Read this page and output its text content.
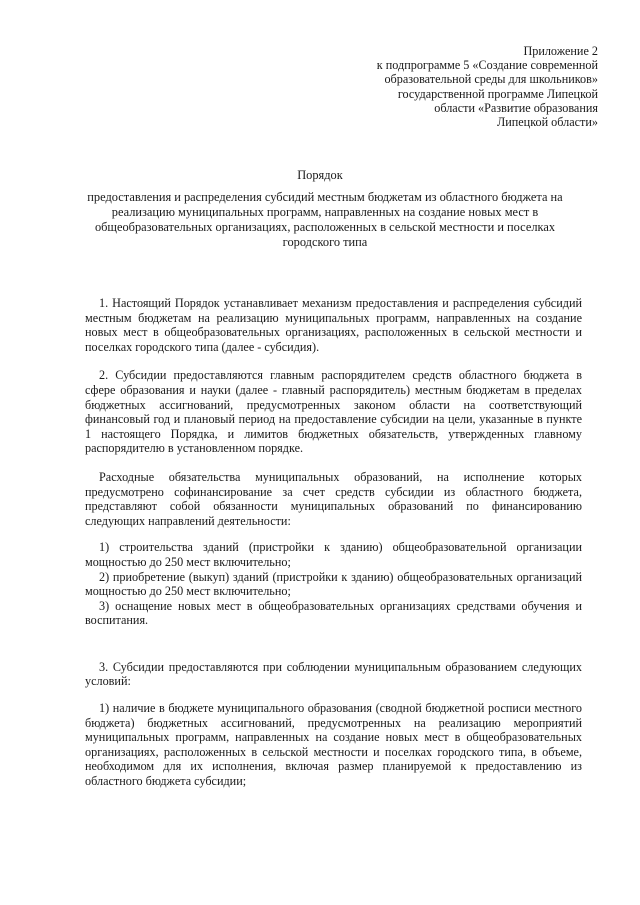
Приложение 2
к подпрограмме 5 «Создание современной
образовательной среды для школьников»
государственной программе Липецкой
области «Развитие образования
Липецкой области»
Порядок
предоставления и распределения субсидий местным бюджетам из областного бюджета на реализацию муниципальных программ, направленных на создание новых мест в общеобразовательных организациях, расположенных в сельской местности и поселках городского типа

1. Настоящий Порядок устанавливает механизм предоставления и распределения субсидий местным бюджетам на реализацию муниципальных программ, направленных на создание новых мест в общеобразовательных организациях, расположенных в сельской местности и поселках городского типа (далее - субсидия).

2. Субсидии предоставляются главным распорядителем средств областного бюджета в сфере образования и науки (далее - главный распорядитель) местным бюджетам в пределах бюджетных ассигнований, предусмотренных законом области на соответствующий финансовый год и плановый период на предоставление субсидии на цели, указанные в пункте 1 настоящего Порядка, и лимитов бюджетных обязательств, утвержденных главному распорядителю в установленном порядке.

Расходные обязательства муниципальных образований, на исполнение которых предусмотрено софинансирование за счет средств субсидии из областного бюджета, представляют собой обязанности муниципальных образований по финансированию следующих направлений деятельности:

1) строительства зданий (пристройки к зданию) общеобразовательной организации мощностью до 250 мест включительно;

2) приобретение (выкуп) зданий (пристройки к зданию) общеобразовательных организаций мощностью до 250 мест включительно;

3) оснащение новых мест в общеобразовательных организациях средствами обучения и воспитания.

3. Субсидии предоставляются при соблюдении муниципальным образованием следующих условий:

1) наличие в бюджете муниципального образования (сводной бюджетной росписи местного бюджета) бюджетных ассигнований, предусмотренных на реализацию мероприятий муниципальных программ, направленных на создание новых мест в общеобразовательных организациях, расположенных в сельской местности и поселках городского типа, в объеме, необходимом для их исполнения, включая размер планируемой к предоставлению из областного бюджета субсидии;
